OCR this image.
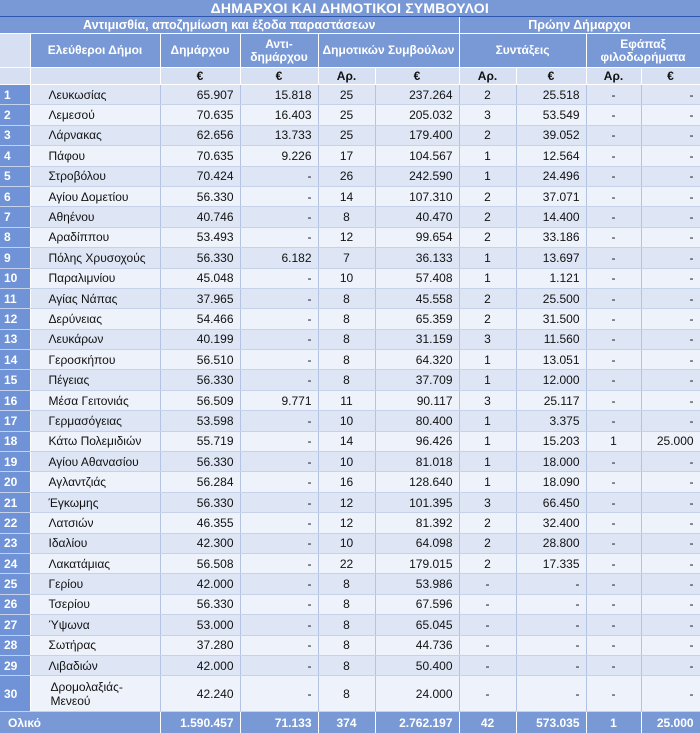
ΔΗΜΑΡΧΟΙ ΚΑΙ ΔΗΜΟΤΙΚΟΙ ΣΥΜΒΟΥΛΟΙ									
Αντιμισθία, αποζημίωση και έξοδα παραστάσεων						Πρώην Δήμαρχοι			
	Ελεύθεροι Δήμοι	Δημάρχου	Αντι-δημάρχου	Δημοτικών Συμβούλων		Συντάξεις		Εφάπαξ φιλοδωρήματα	
		€	€	Αρ.	€	Αρ.	€	Αρ.	€
1	Λευκωσίας	65.907	15.818	25	237.264	2	25.518	-	-
2	Λεμεσού	70.635	16.403	25	205.032	3	53.549	-	-
3	Λάρνακας	62.656	13.733	25	179.400	2	39.052	-	-
4	Πάφου	70.635	9.226	17	104.567	1	12.564	-	-
5	Στροβόλου	70.424	-	26	242.590	1	24.496	-	-
6	Αγίου Δομετίου	56.330	-	14	107.310	2	37.071	-	-
7	Αθηένου	40.746	-	8	40.470	2	14.400	-	-
8	Αραδίππου	53.493	-	12	99.654	2	33.186	-	-
9	Πόλης Χρυσοχούς	56.330	6.182	7	36.133	1	13.697	-	-
10	Παραλιμνίου	45.048	-	10	57.408	1	1.121	-	-
11	Αγίας Νάπας	37.965	-	8	45.558	2	25.500	-	-
12	Δερύνειας	54.466	-	8	65.359	2	31.500	-	-
13	Λευκάρων	40.199	-	8	31.159	3	11.560	-	-
14	Γεροσκήπου	56.510	-	8	64.320	1	13.051	-	-
15	Πέγειας	56.330	-	8	37.709	1	12.000	-	-
16	Μέσα Γειτονιάς	56.509	9.771	11	90.117	3	25.117	-	-
17	Γερμασόγειας	53.598	-	10	80.400	1	3.375	-	-
18	Κάτω Πολεμιδιών	55.719	-	14	96.426	1	15.203	1	25.000
19	Αγίου Αθανασίου	56.330	-	10	81.018	1	18.000	-	-
20	Αγλαντζιάς	56.284	-	16	128.640	1	18.090	-	-
21	Έγκωμης	56.330	-	12	101.395	3	66.450	-	-
22	Λατσιών	46.355	-	12	81.392	2	32.400	-	-
23	Ιδαλίου	42.300	-	10	64.098	2	28.800	-	-
24	Λακατάμιας	56.508	-	22	179.015	2	17.335	-	-
25	Γερίου	42.000	-	8	53.986	-	-	-	-
26	Τσερίου	56.330	-	8	67.596	-	-	-	-
27	Ύψωνα	53.000	-	8	65.045	-	-	-	-
28	Σωτήρας	37.280	-	8	44.736	-	-	-	-
29	Λιβαδιών	42.000	-	8	50.400	-	-	-	-
30	Δρομολαξιάς-Μενεού	42.240	-	8	24.000	-	-	-	-
Ολικό		1.590.457	71.133	374	2.762.197	42	573.035	1	25.000
